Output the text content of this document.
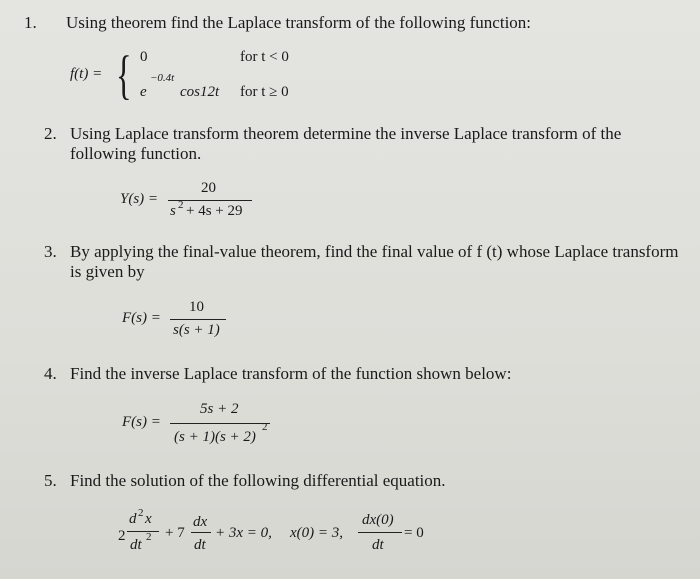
1. Using theorem find the Laplace transform of the following function:
f(t) = { 0	for t < 0
e
−0.4t
cos12t for t ≥ 0
2. Using Laplace transform theorem determine the inverse Laplace transform of the
following function.
Y(s) =
20
s 2 + 4s + 29
3. By applying the final-value theorem, find the final value of f (t) whose Laplace transform
is given by
F(s) =
10
s(s + 1)
4. Find the inverse Laplace transform of the function shown below:
F(s) =
5s + 2
(s + 1)(s + 2)
2
5. Find the solution of the following differential equation.
2
d 2 x
dt 2 + 7
dx
dt
+ 3x = 0, x(0) = 3,
dx(0)
dt
= 0
